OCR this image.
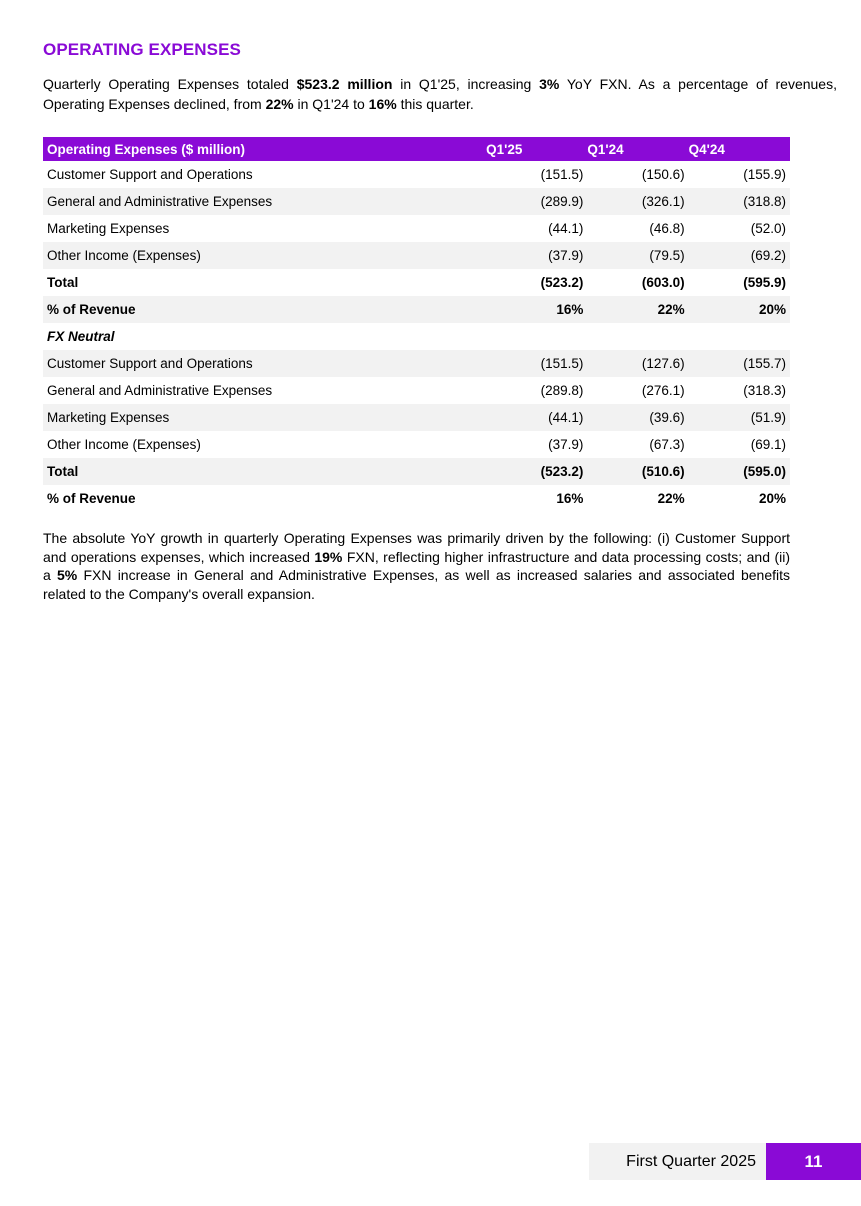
OPERATING EXPENSES
Quarterly Operating Expenses totaled $523.2 million in Q1'25, increasing 3% YoY FXN. As a percentage of revenues, Operating Expenses declined, from 22% in Q1'24 to 16% this quarter.
Operating Expenses ($ million)	Q1'25	Q1'24	Q4'24
Customer Support and Operations	(151.5)	(150.6)	(155.9)
General and Administrative Expenses	(289.9)	(326.1)	(318.8)
Marketing Expenses	(44.1)	(46.8)	(52.0)
Other Income (Expenses)	(37.9)	(79.5)	(69.2)
Total	(523.2)	(603.0)	(595.9)
% of Revenue	16%	22%	20%
FX Neutral			
Customer Support and Operations	(151.5)	(127.6)	(155.7)
General and Administrative Expenses	(289.8)	(276.1)	(318.3)
Marketing Expenses	(44.1)	(39.6)	(51.9)
Other Income (Expenses)	(37.9)	(67.3)	(69.1)
Total	(523.2)	(510.6)	(595.0)
% of Revenue	16%	22%	20%
The absolute YoY growth in quarterly Operating Expenses was primarily driven by the following: (i) Customer Support and operations expenses, which increased 19% FXN, reflecting higher infrastructure and data processing costs; and (ii) a 5% FXN increase in General and Administrative Expenses, as well as increased salaries and associated benefits related to the Company's overall expansion.
First Quarter 2025	11
